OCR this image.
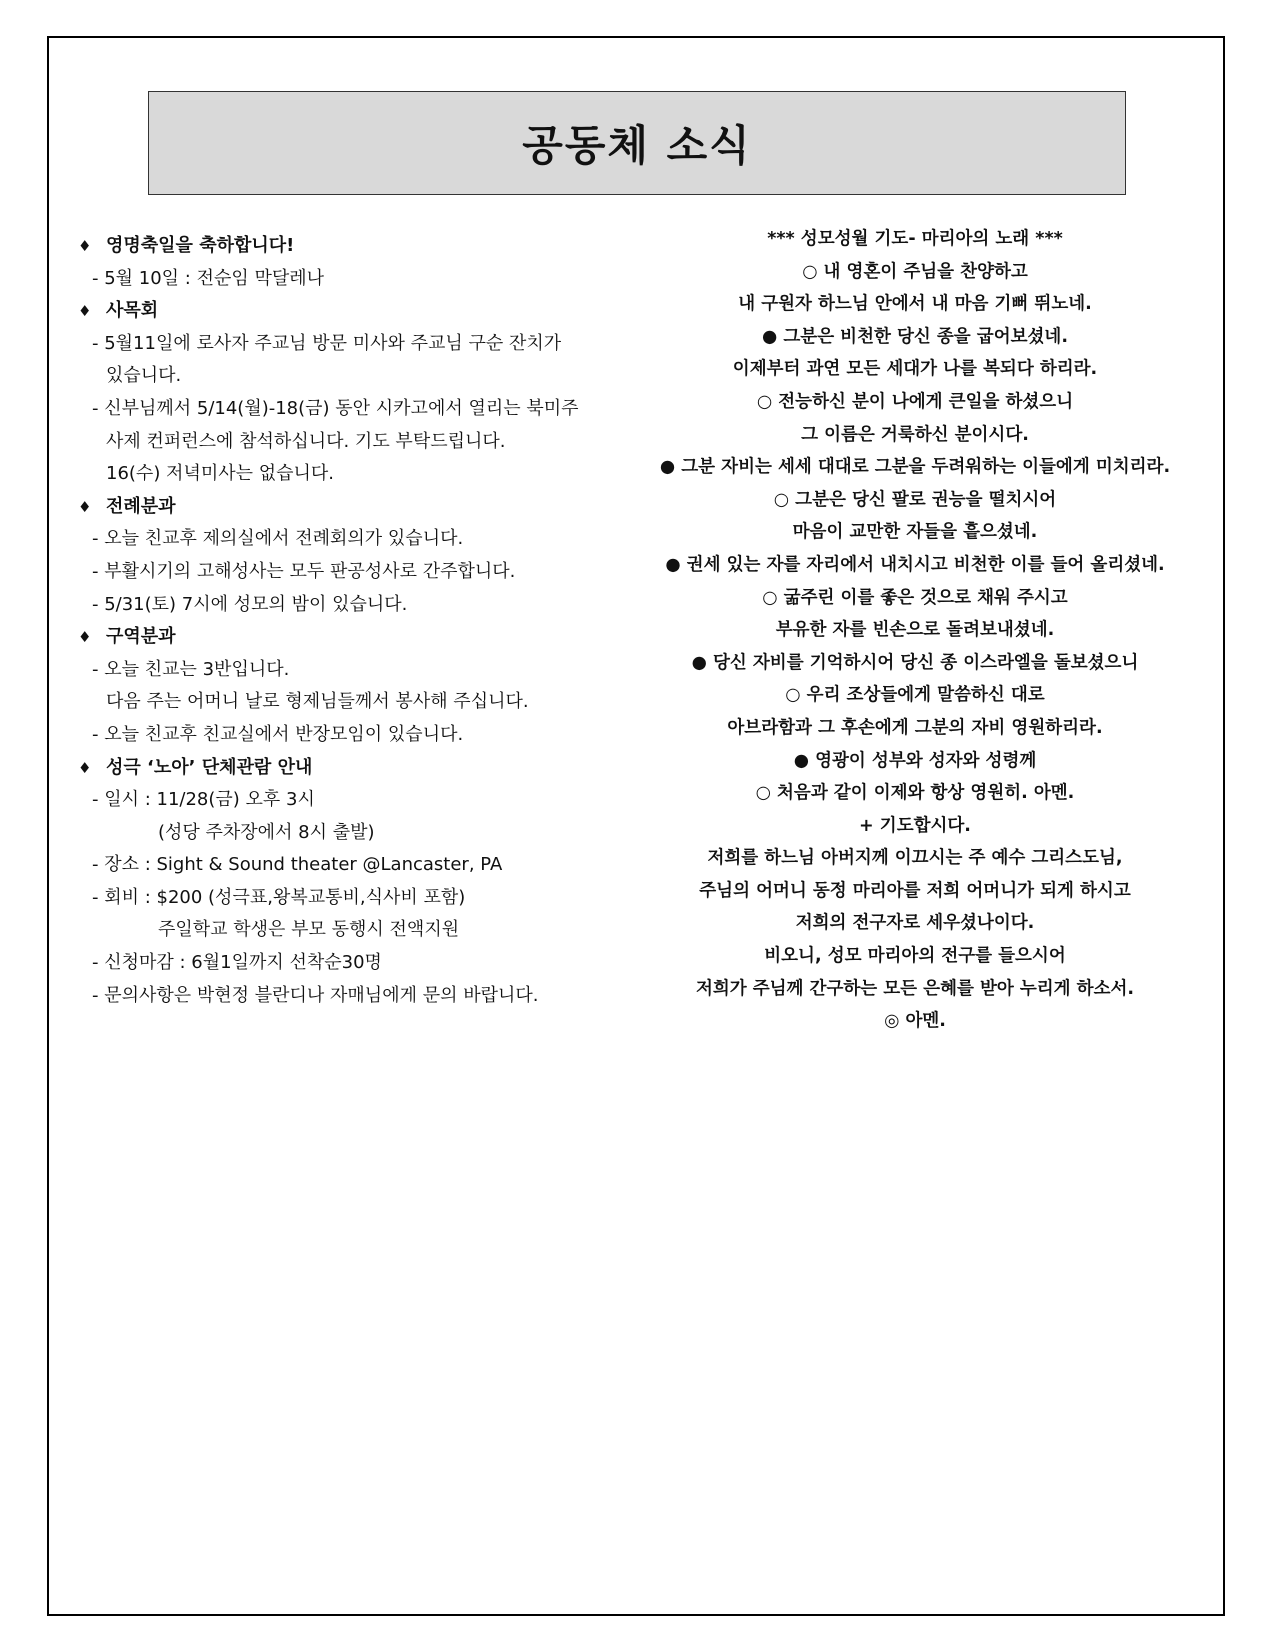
공동체 소식
♦ 영명축일을 축하합니다!
- 5월 10일 : 전순임 막달레나
♦ 사목회
- 5월11일에 로사자 주교님 방문 미사와 주교님 구순 잔치가
있습니다.
- 신부님께서 5/14(월)-18(금) 동안 시카고에서 열리는 북미주
사제 컨퍼런스에 참석하십니다. 기도 부탁드립니다.
16(수) 저녁미사는 없습니다.
♦ 전례분과
- 오늘 친교후 제의실에서 전례회의가 있습니다.
- 부활시기의 고해성사는 모두 판공성사로 간주합니다.
- 5/31(토) 7시에 성모의 밤이 있습니다.
♦ 구역분과
- 오늘 친교는 3반입니다.
다음 주는 어머니 날로 형제님들께서 봉사해 주십니다.
- 오늘 친교후 친교실에서 반장모임이 있습니다.
♦ 성극 ‘노아’ 단체관람 안내
- 일시 : 11/28(금) 오후 3시
(성당 주차장에서 8시 출발)
- 장소 : Sight & Sound theater @Lancaster, PA
- 회비 : $200 (성극표,왕복교통비,식사비 포함)
주일학교 학생은 부모 동행시 전액지원
- 신청마감 : 6월1일까지 선착순30명
- 문의사항은 박현정 블란디나 자매님에게 문의 바랍니다.
*** 성모성월 기도- 마리아의 노래 ***
○ 내 영혼이 주님을 찬양하고
내 구원자 하느님 안에서 내 마음 기뻐 뛰노네.
● 그분은 비천한 당신 종을 굽어보셨네.
이제부터 과연 모든 세대가 나를 복되다 하리라.
○ 전능하신 분이 나에게 큰일을 하셨으니
그 이름은 거룩하신 분이시다.
● 그분 자비는 세세 대대로 그분을 두려워하는 이들에게 미치리라.
○ 그분은 당신 팔로 권능을 떨치시어
마음이 교만한 자들을 흩으셨네.
● 권세 있는 자를 자리에서 내치시고 비천한 이를 들어 올리셨네.
○ 굶주린 이를 좋은 것으로 채워 주시고
부유한 자를 빈손으로 돌려보내셨네.
● 당신 자비를 기억하시어 당신 종 이스라엘을 돌보셨으니
○ 우리 조상들에게 말씀하신 대로
아브라함과 그 후손에게 그분의 자비 영원하리라.
● 영광이 성부와 성자와 성령께
○ 처음과 같이 이제와 항상 영원히. 아멘.
+ 기도합시다.
저희를 하느님 아버지께 이끄시는 주 예수 그리스도님,
주님의 어머니 동정 마리아를 저희 어머니가 되게 하시고
저희의 전구자로 세우셨나이다.
비오니, 성모 마리아의 전구를 들으시어
저희가 주님께 간구하는 모든 은혜를 받아 누리게 하소서.
◎ 아멘.
